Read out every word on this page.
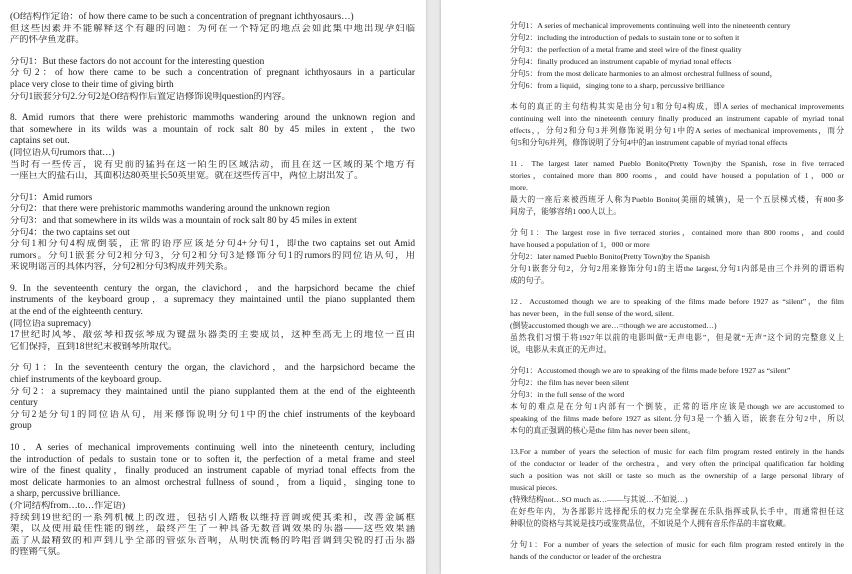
(Of结构作定语：of how there came to be such a concentration of pregnant ichthyosaurs…)
但这些因素并不能解释这个有趣的问题：为何在一个特定的地点会如此集中地出现孕妇临
产的怀孕鱼龙群。
分句1：But these factors do not account for the interesting question
分句2：of how there came to be such a concentration of pregnant ichthyosaurs in a particular
place very close to their time of giving birth
分句1嵌套分句2.分句2是Of结构作后置定语修饰说明question的内容。
8. Amid rumors that there were prehistoric mammoths wandering around the unknown region and
that somewhere in its wilds was a mountain of rock salt 80 by 45 miles in extent，the two
captains set out.
(同位语从句rumors that…)
当时有一些传言，说有史前的猛犸在这一陌生的区域活动，而且在这一区域的某个地方有
一座巨大的盐石山，其面积达80英里长50英里宽。就在这些传言中，两位上尉出发了。
分句1：Amid rumors
分句2：that there were prehistoric mammoths wandering around the unknown region
分句3：and that somewhere in its wilds was a mountain of rock salt 80 by 45 miles in extent
分句4：the two captains set out
分句1和分句4构成倒装，正常的语序应该是分句4+分句1，即the two captains set out Amid
rumors。分句1嵌套分句2和分句3，分句2和分句3是修饰分句1的rumors的同位语从句，用
来说明谣言的具体内容，分句2和分句3构成并列关系。
9. In the seventeenth century the organ, the clavichord，and the harpsichord became the chief
instruments of the keyboard group，a supremacy they maintained until the piano supplanted them
at the end of the eighteenth century.
(同位语a supremacy)
17世纪时风琴、敲弦琴和拨弦琴成为键盘乐器类的主要成员，这种至高无上的地位一直由
它们保持，直到18世纪末被钢琴所取代。
分句1：In the seventeenth century the organ, the clavichord，and the harpsichord became the
chief instruments of the keyboard group.
分句2：a supremacy they maintained until the piano supplanted them at the end of the eighteenth
century
分句2是分句1的同位语从句，用来修饰说明分句1中的the chief instruments of the keyboard
group
10．A series of mechanical improvements continuing well into the nineteenth century, including
the introduction of pedals to sustain tone or to soften it, the perfection of a metal frame and steel
wire of the finest quality，finally produced an instrument capable of myriad tonal effects from the
most delicate harmonies to an almost orchestral fullness of sound，from a liquid，singing tone to
a sharp, percussive brilliance.
(介词结构from…to…作定语)
持续到19世纪的一系列机械上的改进，包括引入踏板以维持音调或使其柔和，改善金属框
架，以及使用最佳性能的钢丝，最终产生了一种具备无数音调效果的乐器——这些效果涵
盖了从最精致的和声到几乎全部的管弦乐音响，从明快流畅的吟唱音调到尖锐的打击乐器
的铿锵气氛。
分句1：A series of mechanical improvements continuing well into the nineteenth century
分句2：including the introduction of pedals to sustain tone or to soften it
分句3：the perfection of a metal frame and steel wire of the finest quality
分句4：finally produced an instrument capable of myriad tonal effects
分句5：from the most delicate harmonies to an almost orchestral fullness of sound，
分句6：from a liquid，singing tone to a sharp, percussive brilliance
本句的真正的主句结构其实是由分句1和分句4构成，即A series of mechanical improvements
continuing well into the nineteenth century finally produced an instrument capable of myriad tonal
effects，，分句2和分句3并列修饰说明分句1中的A series of mechanical improvements，而分
句5和分句6并列，修饰说明了分句4中的an instrument capable of myriad tonal effects
11．The largest later named Pueblo Bonito(Pretty Town)by the Spanish, rose in five terraced
stories，contained more than 800 rooms，and could have housed a population of 1，000 or
more.
最大的一座后来被西班牙人称为Pueblo Bonito(美丽的城镇)，是一个五层梯式楼，有800多
间房子，能够容纳1 000人以上。
分句1：The largest rose in five terraced stories，contained more than 800 rooms，and could
have housed a population of 1，000 or more
分句2：later named Pueblo Bonito(Pretty Town)by the Spanish
分句1嵌套分句2，分句2用来修饰分句1的主语the largest,分句1内部是由三个并列的谓语构
成的句子。
12．Accustomed though we are to speaking of the films made before 1927 as “silent”，the film
has never been，in the full sense of the word, silent.
(倒装accustomed though we are…=though we are accustomed…)
虽然我们习惯于将1927年以前的电影叫做“无声电影”，但是就“无声”这个词的完整意义上
说，电影从未真正的无声过。
分句1：Accustomed though we are to speaking of the films made before 1927 as “silent”
分句2：the film has never been silent
分句3：in the full sense of the word
本句的难点是在分句1内部有一个倒装，正常的语序应该是though we are accustomed to
speaking of the films made before 1927 as silent.分句3是一个插入语，嵌套在分句2中，所以
本句的真正强调的核心是the film has never been silent。
13.For a number of years the selection of music for each film program rested entirely in the hands
of the conductor or leader of the orchestra，and very often the principal qualification far holding
such a position was not skill or taste so much as the ownership of a large personal library of
musical pieces.
(特殊结构not…SO much as…——与其说…不如说…)
在好些年内，为各部影片选择配乐的权力完全掌握在乐队指挥或队长手中，而通常担任这
种职位的资格与其说是技巧或鉴赏品位，不如说是个人拥有音乐作品的丰富收藏。
分句1：For a number of years the selection of music for each film program rested entirely in the
hands of the conductor or leader of the orchestra
